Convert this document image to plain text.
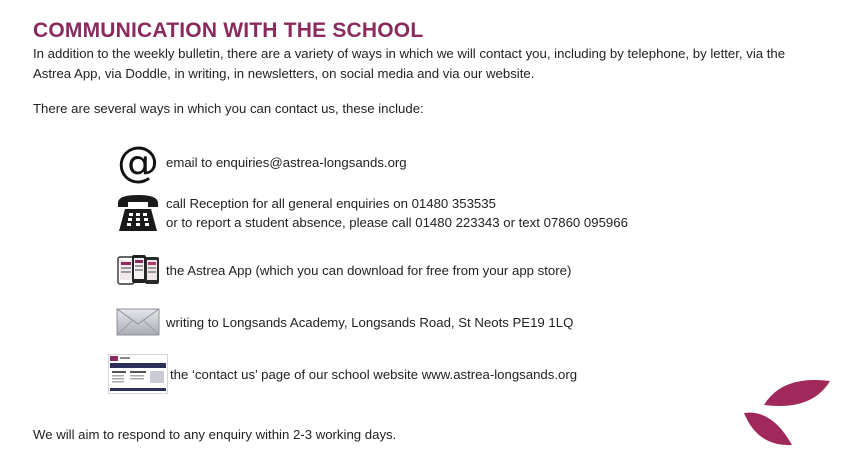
COMMUNICATION WITH THE SCHOOL

In addition to the weekly bulletin, there are a variety of ways in which we will contact you, including by telephone, by letter, via the Astrea App, via Doddle, in writing, in newsletters, on social media and via our website.

There are several ways in which you can contact us, these include:

@ email to enquiries@astrea-longsands.org
call Reception for all general enquiries on 01480 353535
or to report a student absence, please call 01480 223343 or text 07860 095966
the Astrea App (which you can download for free from your app store)
writing to Longsands Academy, Longsands Road, St Neots PE19 1LQ
the ‘contact us’ page of our school website www.astrea-longsands.org

We will aim to respond to any enquiry within 2-3 working days.
